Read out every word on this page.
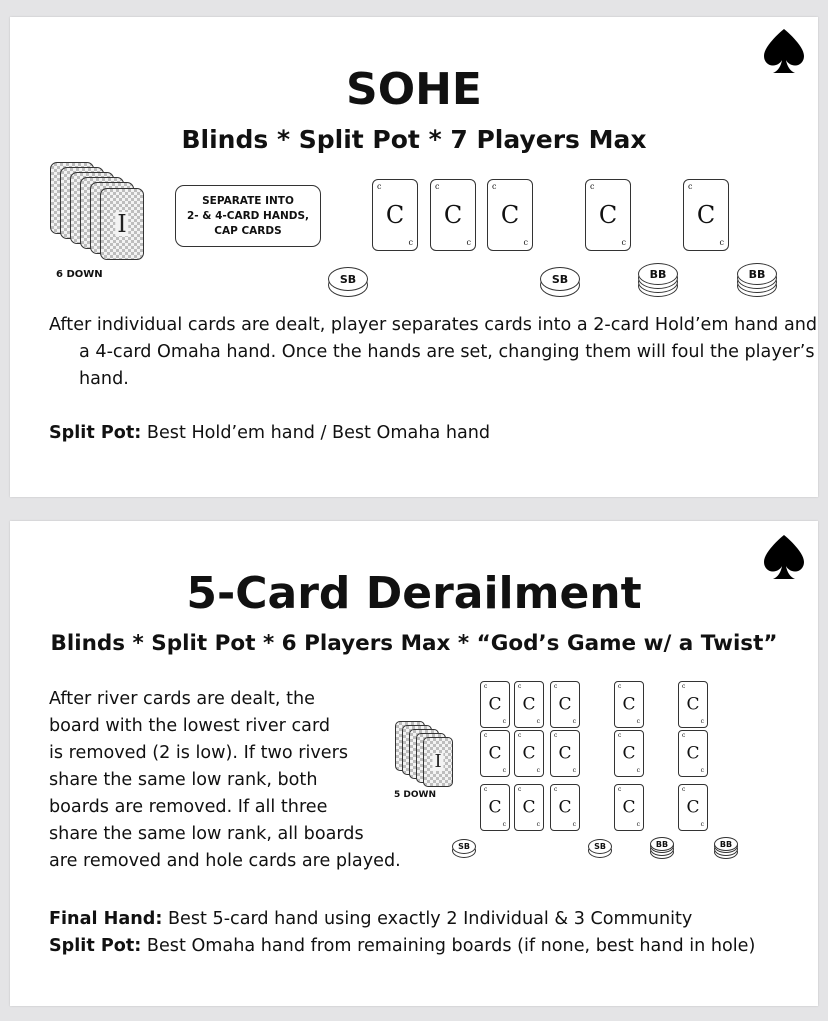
SOHE
Blinds * Split Pot * 7 Players Max
I
6 DOWN
SEPARATE INTO
2- & 4-CARD HANDS,
CAP CARDS
c
C
c
c
C
c
c
C
c
c
C
c
c
C
c
SB	SB	BB	BB

After individual cards are dealt, player separates cards into a 2-card Hold’em hand and a 4-card Omaha hand. Once the hands are set, changing them will foul the player’s hand.

Split Pot: Best Hold’em hand / Best Omaha hand

5-Card Derailment
Blinds * Split Pot * 6 Players Max * “God’s Game w/ a Twist”
After river cards are dealt, the
board with the lowest river card
is removed (2 is low). If two rivers
share the same low rank, both
boards are removed. If all three
share the same low rank, all boards
are removed and hole cards are played.
I
5 DOWN
c
C
c
c
C
c
c
C
c
c
C
c
c
C
c
c
C
c
c
C
c
c
C
c
c
C
c
c
C
c
c
C
c
c
C
c
c
C
c
c
C
c
c
C
c
SB	SB	BB	BB

Final Hand: Best 5-card hand using exactly 2 Individual & 3 Community

Split Pot: Best Omaha hand from remaining boards (if none, best hand in hole)
